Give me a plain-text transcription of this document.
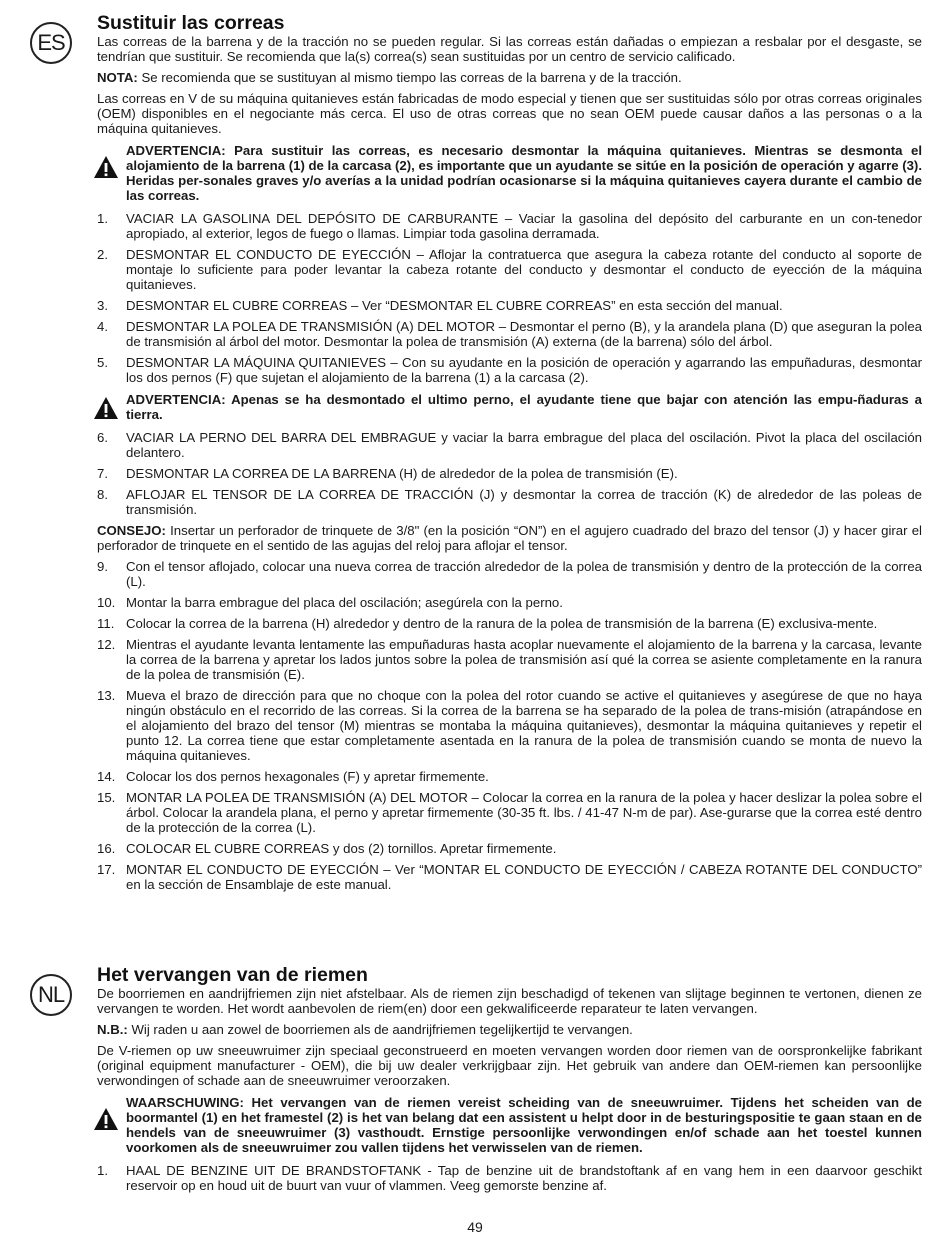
ES
Sustituir las correas

Las correas de la barrena y de la tracción no se pueden regular. Si las correas están dañadas o empiezan a resbalar por el desgaste, se tendrían que sustituir. Se recomienda que la(s) correa(s) sean sustituidas por un centro de servicio calificado.

NOTA: Se recomienda que se sustituyan al mismo tiempo las correas de la barrena y de la tracción.

Las correas en V de su máquina quitanieves están fabricadas de modo especial y tienen que ser sustituidas sólo por otras correas originales (OEM) disponibles en el negociante más cerca. El uso de otras correas que no sean OEM puede causar daños a las personas o a la máquina quitanieves.

ADVERTENCIA: Para sustituir las correas, es necesario desmontar la máquina quitanieves. Mientras se desmonta el alojamiento de la barrena (1) de la carcasa (2), es importante que un ayudante se sitúe en la posición de operación y agarre (3). Heridas per-sonales graves y/o averías a la unidad podrían ocasionarse si la máquina quitanieves cayera durante el cambio de las correas.

1.	VACIAR LA GASOLINA DEL DEPÓSITO DE CARBURANTE – Vaciar la gasolina del depósito del carburante en un con-tenedor apropiado, al exterior, legos de fuego o llamas. Limpiar toda gasolina derramada.

2.	DESMONTAR EL CONDUCTO DE EYECCIÓN – Aflojar la contratuerca que asegura la cabeza rotante del conducto al soporte de montaje lo suficiente para poder levantar la cabeza rotante del conducto y desmontar el conducto de eyección de la máquina quitanieves.

3.	DESMONTAR EL CUBRE CORREAS – Ver “DESMONTAR EL CUBRE CORREAS” en esta sección del manual.

4.	DESMONTAR LA POLEA DE TRANSMISIÓN (A) DEL MOTOR – Desmontar el perno (B), y la arandela plana (D) que aseguran la polea de transmisión al árbol del motor. Desmontar la polea de transmisión (A) externa (de la barrena) sólo del árbol.

5.	DESMONTAR LA MÁQUINA QUITANIEVES – Con su ayudante en la posición de operación y agarrando las empuñaduras, desmontar los dos pernos (F) que sujetan el alojamiento de la barrena (1) a la carcasa (2).

ADVERTENCIA: Apenas se ha desmontado el ultimo perno, el ayudante tiene que bajar con atención las empu-ñaduras a tierra.

6.	VACIAR LA PERNO DEL BARRA DEL EMBRAGUE y vaciar la barra embrague del placa del oscilación. Pivot la placa del oscilación delantero.

7.	DESMONTAR LA CORREA DE LA BARRENA (H) de alrededor de la polea de transmisión (E).

8.	AFLOJAR EL TENSOR DE LA CORREA DE TRACCIÓN (J) y desmontar la correa de tracción (K) de alrededor de las poleas de transmisión.

CONSEJO: Insertar un perforador de trinquete de 3/8" (en la posición “ON”) en el agujero cuadrado del brazo del tensor (J) y hacer girar el perforador de trinquete en el sentido de las agujas del reloj para aflojar el tensor.

9.	Con el tensor aflojado, colocar una nueva correa de tracción alrededor de la polea de transmisión y dentro de la protección de la correa (L).

10. Montar la barra embrague del placa del oscilación; asegúrela con la perno.

11. Colocar la correa de la barrena (H) alrededor y dentro de la ranura de la polea de transmisión de la barrena (E) exclusiva-mente.

12. Mientras el ayudante levanta lentamente las empuñaduras hasta acoplar nuevamente el alojamiento de la barrena y la carcasa, levante la correa de la barrena y apretar los lados juntos sobre la polea de transmisión así qué la correa se asiente completamente en la ranura de la polea de transmisión (E).

13. Mueva el brazo de dirección para que no choque con la polea del rotor cuando se active el quitanieves y asegúrese de que no haya ningún obstáculo en el recorrido de las correas. Si la correa de la barrena se ha separado de la polea de trans-misión (atrapándose en el alojamiento del brazo del tensor (M) mientras se montaba la máquina quitanieves), desmontar la máquina quitanieves y repetir el punto 12. La correa tiene que estar completamente asentada en la ranura de la polea de transmisión cuando se monta de nuevo la máquina quitanieves.

14. Colocar los dos pernos hexagonales (F) y apretar firmemente.

15. MONTAR LA POLEA DE TRANSMISIÓN (A) DEL MOTOR – Colocar la correa en la ranura de la polea y hacer deslizar la polea sobre el árbol. Colocar la arandela plana, el perno y apretar firmemente (30-35 ft. lbs. / 41-47 N-m de par). Ase-gurarse que la correa esté dentro de la protección de la correa (L).

16. COLOCAR EL CUBRE CORREAS y dos (2) tornillos. Apretar firmemente.

17. MONTAR EL CONDUCTO DE EYECCIÓN – Ver “MONTAR EL CONDUCTO DE EYECCIÓN / CABEZA ROTANTE DEL CONDUCTO” en la sección de Ensamblaje de este manual.

NL
Het vervangen van de riemen

De boorriemen en aandrijfriemen zijn niet afstelbaar. Als de riemen zijn beschadigd of tekenen van slijtage beginnen te vertonen, dienen ze vervangen te worden. Het wordt aanbevolen de riem(en) door een gekwalificeerde reparateur te laten vervangen.

N.B.: Wij raden u aan zowel de boorriemen als de aandrijfriemen tegelijkertijd te vervangen.

De V-riemen op uw sneeuwruimer zijn speciaal geconstrueerd en moeten vervangen worden door riemen van de oorspronkelijke fabrikant (original equipment manufacturer - OEM), die bij uw dealer verkrijgbaar zijn. Het gebruik van andere dan OEM-riemen kan persoonlijke verwondingen of schade aan de sneeuwruimer veroorzaken.

WAARSCHUWING: Het vervangen van de riemen vereist scheiding van de sneeuwruimer. Tijdens het scheiden van de boormantel (1) en het framestel (2) is het van belang dat een assistent u helpt door in de besturingspositie te gaan staan en de hendels van de sneeuwruimer (3) vasthoudt. Ernstige persoonlijke verwondingen en/of schade aan het toestel kunnen voorkomen als de sneeuwruimer zou vallen tijdens het verwisselen van de riemen.

1.	HAAL DE BENZINE UIT DE BRANDSTOFTANK - Tap de benzine uit de brandstoftank af en vang hem in een daarvoor geschikt reservoir op en houd uit de buurt van vuur of vlammen. Veeg gemorste benzine af.

49
